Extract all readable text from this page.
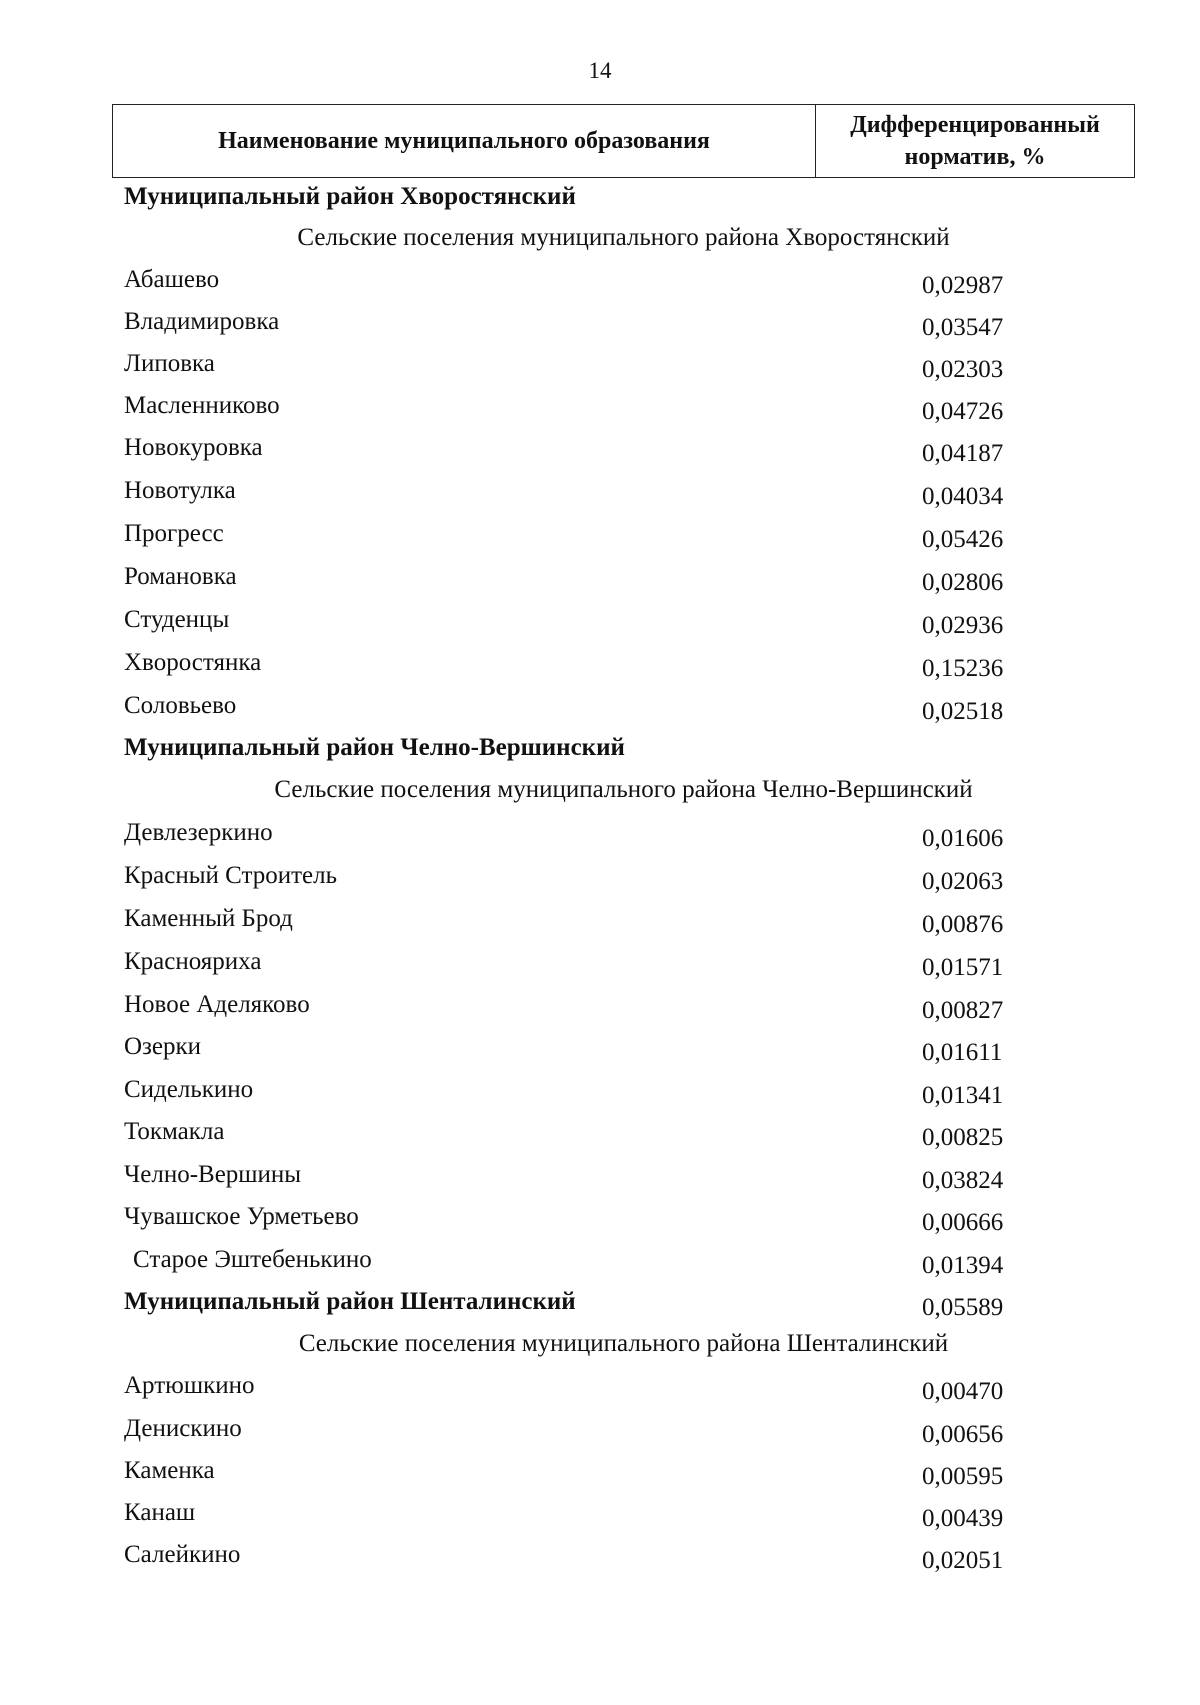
14
Наименование муниципального образования	Дифференцированный норматив, %
Муниципальный район Хворостянский
Сельские поселения муниципального района Хворостянский
Абашево	0,02987
Владимировка	0,03547
Липовка	0,02303
Масленниково	0,04726
Новокуровка	0,04187
Новотулка	0,04034
Прогресс	0,05426
Романовка	0,02806
Студенцы	0,02936
Хворостянка	0,15236
Соловьево	0,02518
Муниципальный район Челно-Вершинский
Сельские поселения муниципального района Челно-Вершинский
Девлезеркино	0,01606
Красный Строитель	0,02063
Каменный Брод	0,00876
Краснояриха	0,01571
Новое Аделяково	0,00827
Озерки	0,01611
Сиделькино	0,01341
Токмакла	0,00825
Челно-Вершины	0,03824
Чувашское Урметьево	0,00666
Старое Эштебенькино	0,01394
Муниципальный район Шенталинский	0,05589
Сельские поселения муниципального района Шенталинский
Артюшкино	0,00470
Денискино	0,00656
Каменка	0,00595
Канаш	0,00439
Салейкино	0,02051
